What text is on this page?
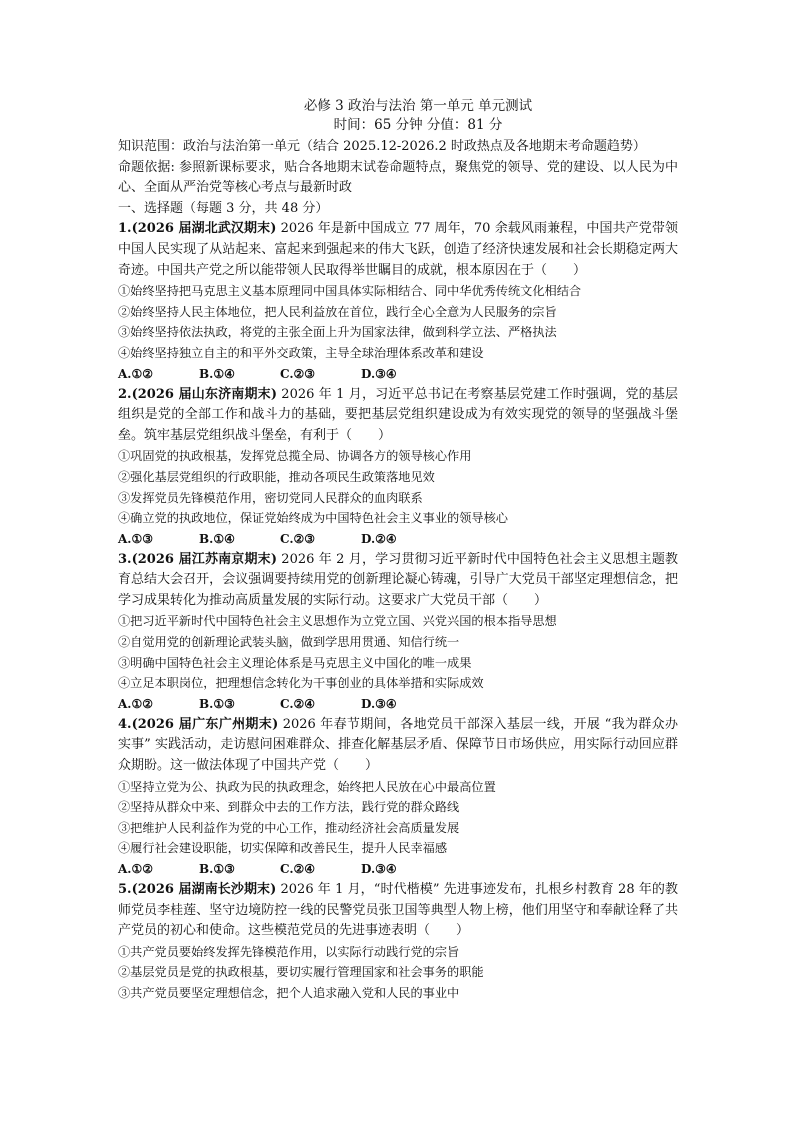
必修 3 政治与法治 第一单元 单元测试
时间：65 分钟 分值：81 分
知识范围：政治与法治第一单元（结合 2025.12-2026.2 时政热点及各地期末考命题趋势）
命题依据: 参照新课标要求，贴合各地期末试卷命题特点，聚焦党的领导、党的建设、以人民为中心、全面从严治党等核心考点与最新时政
一、选择题（每题 3 分，共 48 分）
1.(2026 届湖北武汉期末) 2026 年是新中国成立 77 周年，70 余载风雨兼程，中国共产党带领中国人民实现了从站起来、富起来到强起来的伟大飞跃，创造了经济快速发展和社会长期稳定两大奇迹。中国共产党之所以能带领人民取得举世瞩目的成就，根本原因在于（　　）
①始终坚持把马克思主义基本原理同中国具体实际相结合、同中华优秀传统文化相结合
②始终坚持人民主体地位，把人民利益放在首位，践行全心全意为人民服务的宗旨
③始终坚持依法执政，将党的主张全面上升为国家法律，做到科学立法、严格执法
④始终坚持独立自主的和平外交政策，主导全球治理体系改革和建设
A.①②	B.①④	C.②③	D.③④
2.(2026 届山东济南期末) 2026 年 1 月，习近平总书记在考察基层党建工作时强调，党的基层组织是党的全部工作和战斗力的基础，要把基层党组织建设成为有效实现党的领导的坚强战斗堡垒。筑牢基层党组织战斗堡垒，有利于（　　）
①巩固党的执政根基，发挥党总揽全局、协调各方的领导核心作用
②强化基层党组织的行政职能，推动各项民生政策落地见效
③发挥党员先锋模范作用，密切党同人民群众的血肉联系
④确立党的执政地位，保证党始终成为中国特色社会主义事业的领导核心
A.①③	B.①④	C.②③	D.②④
3.(2026 届江苏南京期末) 2026 年 2 月，学习贯彻习近平新时代中国特色社会主义思想主题教育总结大会召开，会议强调要持续用党的创新理论凝心铸魂，引导广大党员干部坚定理想信念，把学习成果转化为推动高质量发展的实际行动。这要求广大党员干部（　　）
①把习近平新时代中国特色社会主义思想作为立党立国、兴党兴国的根本指导思想
②自觉用党的创新理论武装头脑，做到学思用贯通、知信行统一
③明确中国特色社会主义理论体系是马克思主义中国化的唯一成果
④立足本职岗位，把理想信念转化为干事创业的具体举措和实际成效
A.①②	B.①③	C.②④	D.③④
4.(2026 届广东广州期末) 2026 年春节期间，各地党员干部深入基层一线，开展 “我为群众办实事” 实践活动，走访慰问困难群众、排查化解基层矛盾、保障节日市场供应，用实际行动回应群众期盼。这一做法体现了中国共产党（　　）
①坚持立党为公、执政为民的执政理念，始终把人民放在心中最高位置
②坚持从群众中来、到群众中去的工作方法，践行党的群众路线
③把维护人民利益作为党的中心工作，推动经济社会高质量发展
④履行社会建设职能，切实保障和改善民生，提升人民幸福感
A.①②	B.①③	C.②④	D.③④
5.(2026 届湖南长沙期末) 2026 年 1 月，“时代楷模” 先进事迹发布，扎根乡村教育 28 年的教师党员李桂莲、坚守边境防控一线的民警党员张卫国等典型人物上榜，他们用坚守和奉献诠释了共产党员的初心和使命。这些模范党员的先进事迹表明（　　）
①共产党员要始终发挥先锋模范作用，以实际行动践行党的宗旨
②基层党员是党的执政根基，要切实履行管理国家和社会事务的职能
③共产党员要坚定理想信念，把个人追求融入党和人民的事业中
